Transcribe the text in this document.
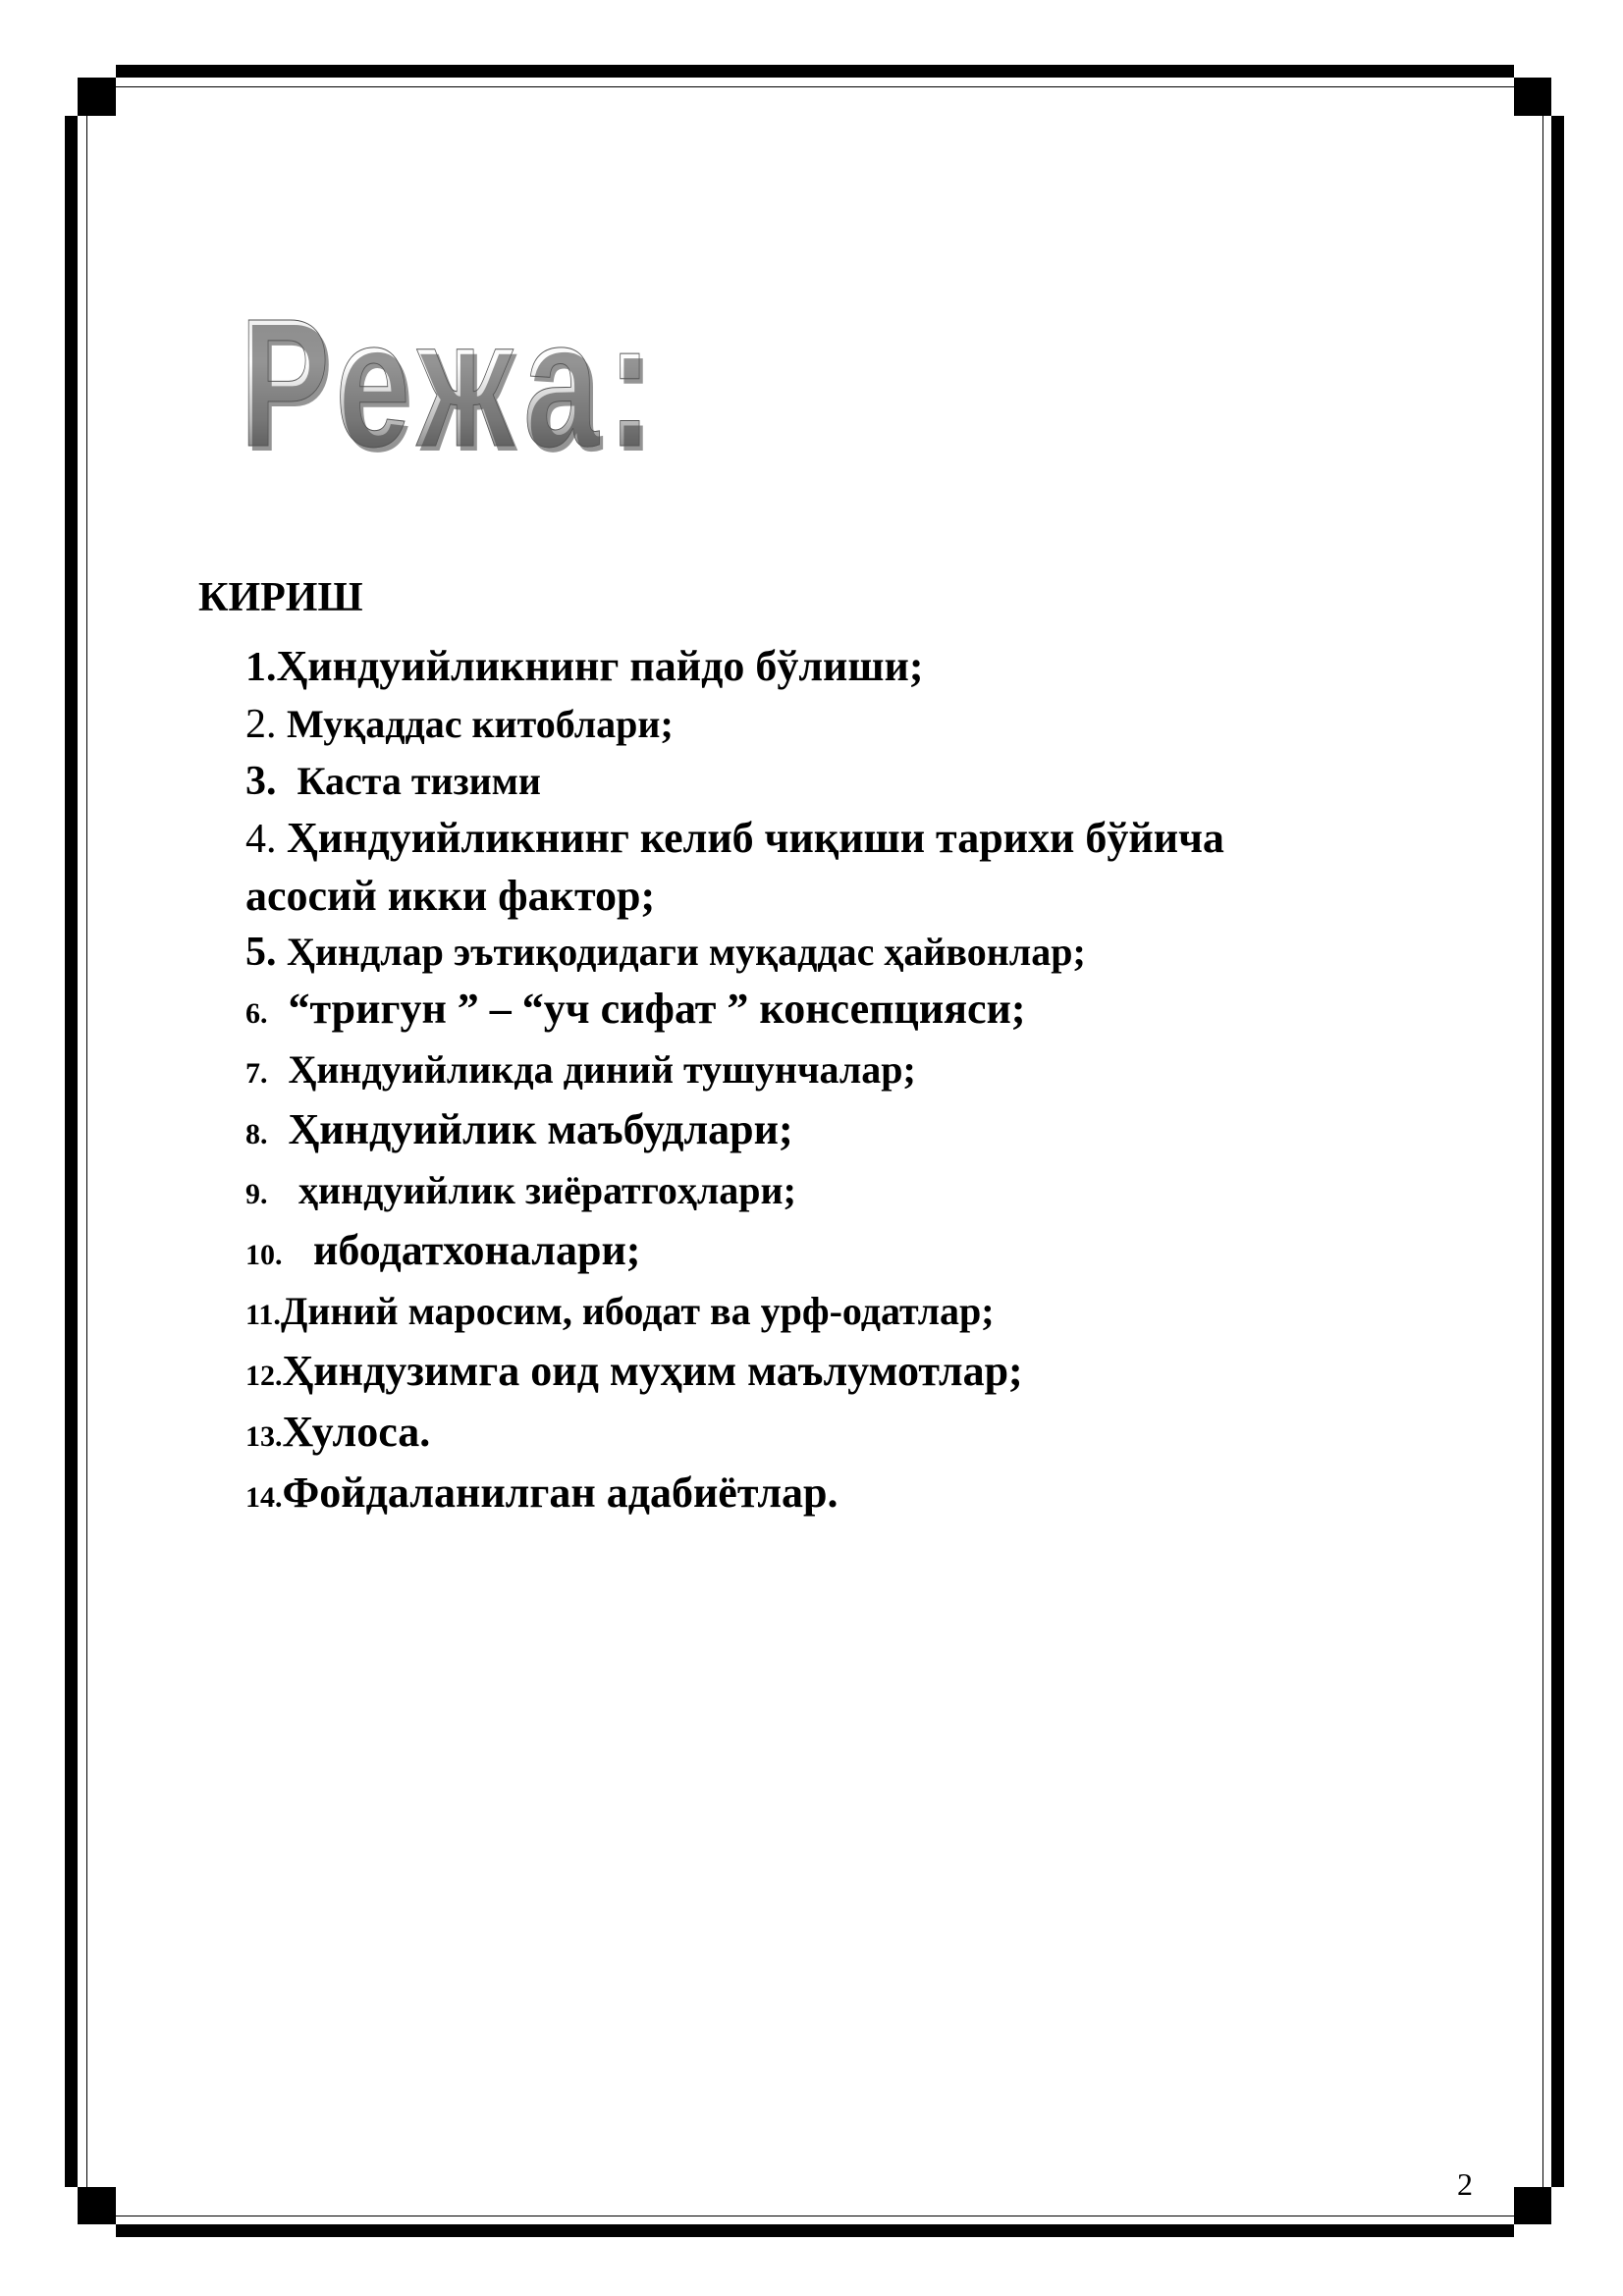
Режа:
КИРИШ
1.Ҳиндуийликнинг пайдо бўлиши;
2. Муқаддас китоблари;
3. Каста тизими
4. Ҳиндуийликнинг келиб чиқиши тарихи бўйича
асосий икки фактор;
5. Ҳиндлар эътиқодидаги муқаддас ҳайвонлар;
6. “тригун ” – “уч сифат ” консепцияси;
7. Ҳиндуийликда диний тушунчалар;
8. Ҳиндуийлик маъбудлари;
9. ҳиндуийлик зиёратгоҳлари;
10. ибодатхоналари;
11.Диний маросим, ибодат ва урф-одатлар;
12.Ҳиндузимга оид муҳим маълумотлар;
13.Хулоса.
14.Фойдаланилган адабиётлар.
2
